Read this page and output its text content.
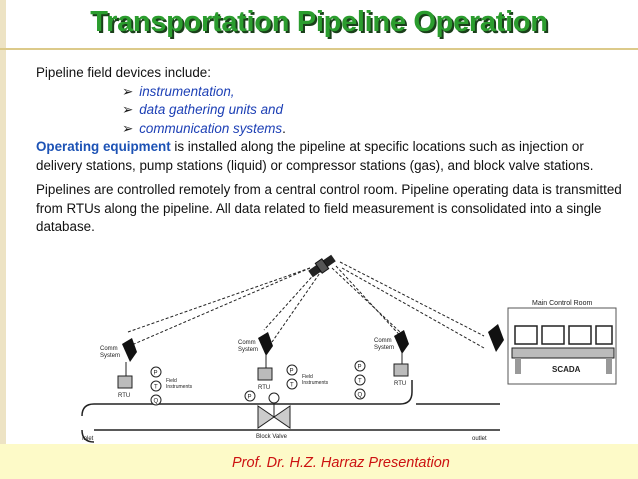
Transportation Pipeline Operation

Pipeline field devices include:

➢ instrumentation,
➢ data gathering units and
➢ communication systems.

Operating equipment is installed along the pipeline at specific locations such as injection or delivery stations, pump stations (liquid) or compressor stations (gas), and block valve stations.

Pipelines are controlled remotely from a central control room. Pipeline operating data is transmitted from RTUs along the pipeline. All data related to field measurement is consolidated into a single database.

Main Control Room
SCADA
Inlet	outlet
Block Valve
Comm
System
RTU
P
T
Q
Field
Instruments
Comm
System
RTU
P
T
Field
Instruments
P
Comm
System
RTU
P
T
Q
Prof. Dr. H.Z. Harraz Presentation
